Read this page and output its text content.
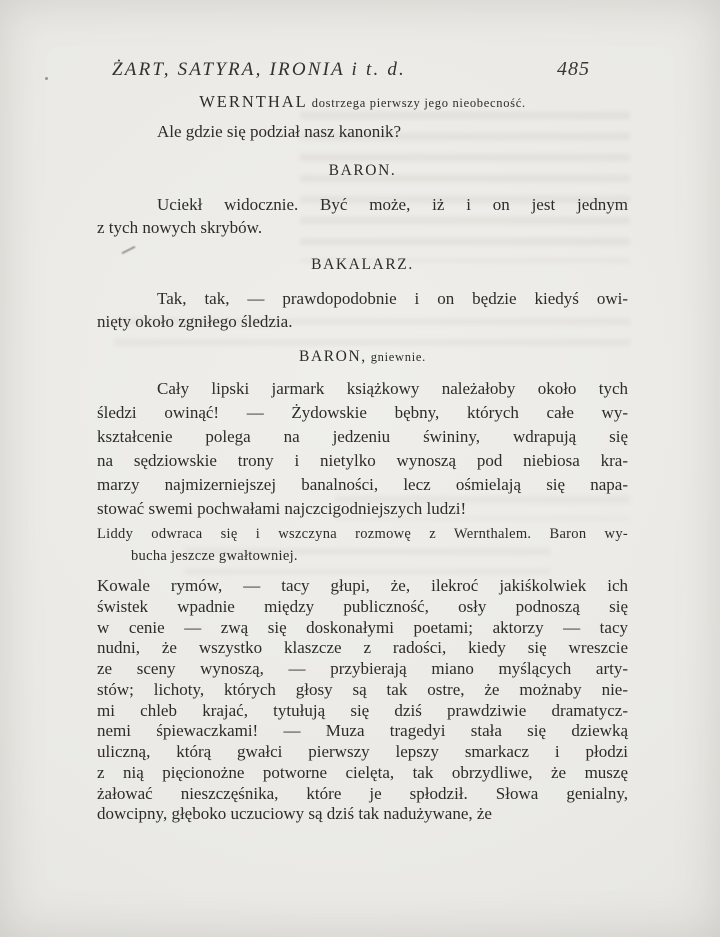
ŻART, SATYRA, IRONIA i t. d.	485
WERNTHAL dostrzega pierwszy jego nieobecność.
Ale gdzie się podział nasz kanonik?
BARON.
Uciekł widocznie. Być może, iż i on jest jednym
z tych nowych skrybów.
BAKALARZ.
Tak, tak, — prawdopodobnie i on będzie kiedyś owi-
nięty około zgniłego śledzia.
BARON, gniewnie.
Cały lipski jarmark książkowy należałoby około tych
śledzi owinąć! — Żydowskie bębny, których całe wy-
kształcenie polega na jedzeniu świniny, wdrapują się
na sędziowskie trony i nietylko wynoszą pod niebiosa kra-
marzy najmizerniejszej banalności, lecz ośmielają się napa-
stować swemi pochwałami najczcigodniejszych ludzi!
Liddy odwraca się i wszczyna rozmowę z Wernthalem. Baron wy-
bucha jeszcze gwałtowniej.
Kowale rymów, — tacy głupi, że, ilekroć jakiśkolwiek ich
świstek wpadnie między publiczność, osły podnoszą się
w cenie — zwą się doskonałymi poetami; aktorzy — tacy
nudni, że wszystko klaszcze z radości, kiedy się wreszcie
ze sceny wynoszą, — przybierają miano myślących arty-
stów; lichoty, których głosy są tak ostre, że możnaby nie-
mi chleb krajać, tytułują się dziś prawdziwie dramatycz-
nemi śpiewaczkami! — Muza tragedyi stała się dziewką
uliczną, którą gwałci pierwszy lepszy smarkacz i płodzi
z nią pięcionożne potworne cielęta, tak obrzydliwe, że muszę
żałować nieszczęśnika, które je spłodził. Słowa genialny,
dowcipny, głęboko uczuciowy są dziś tak nadużywane, że
